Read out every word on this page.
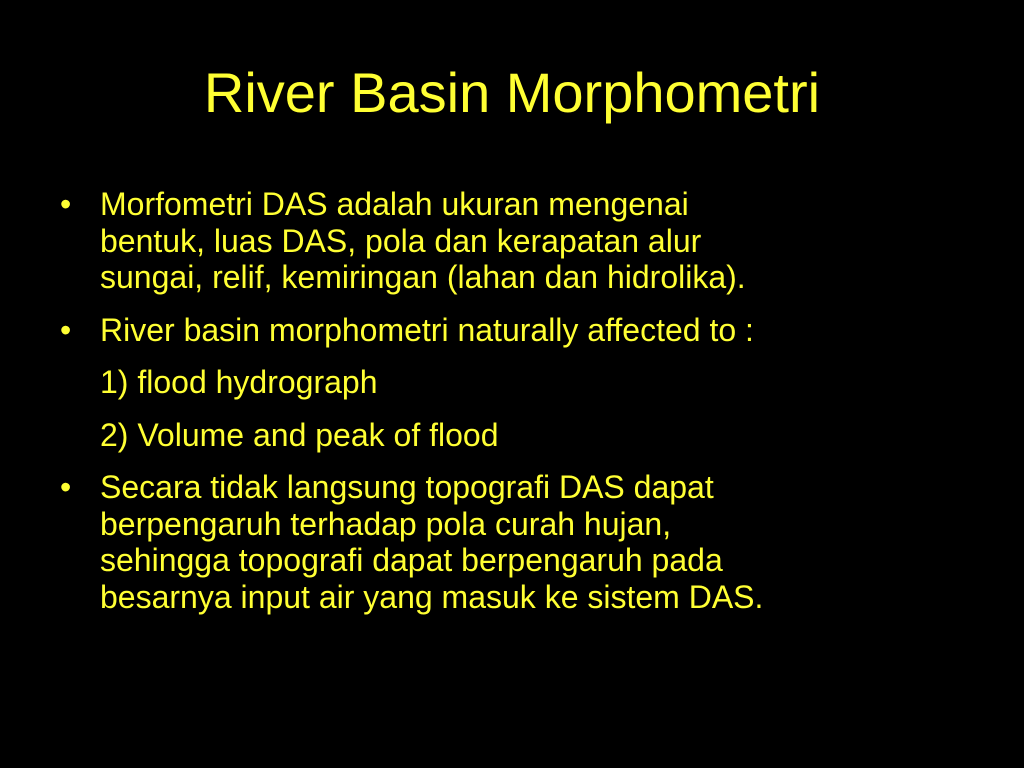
River Basin Morphometri
• Morfometri DAS adalah ukuran mengenai
bentuk, luas DAS, pola dan kerapatan alur
sungai, relif, kemiringan (lahan dan hidrolika).
• River basin morphometri naturally affected to :
1) flood hydrograph
2) Volume and peak of flood
• Secara tidak langsung topografi DAS dapat
berpengaruh terhadap pola curah hujan,
sehingga topografi dapat berpengaruh pada
besarnya input air yang masuk ke sistem DAS.
